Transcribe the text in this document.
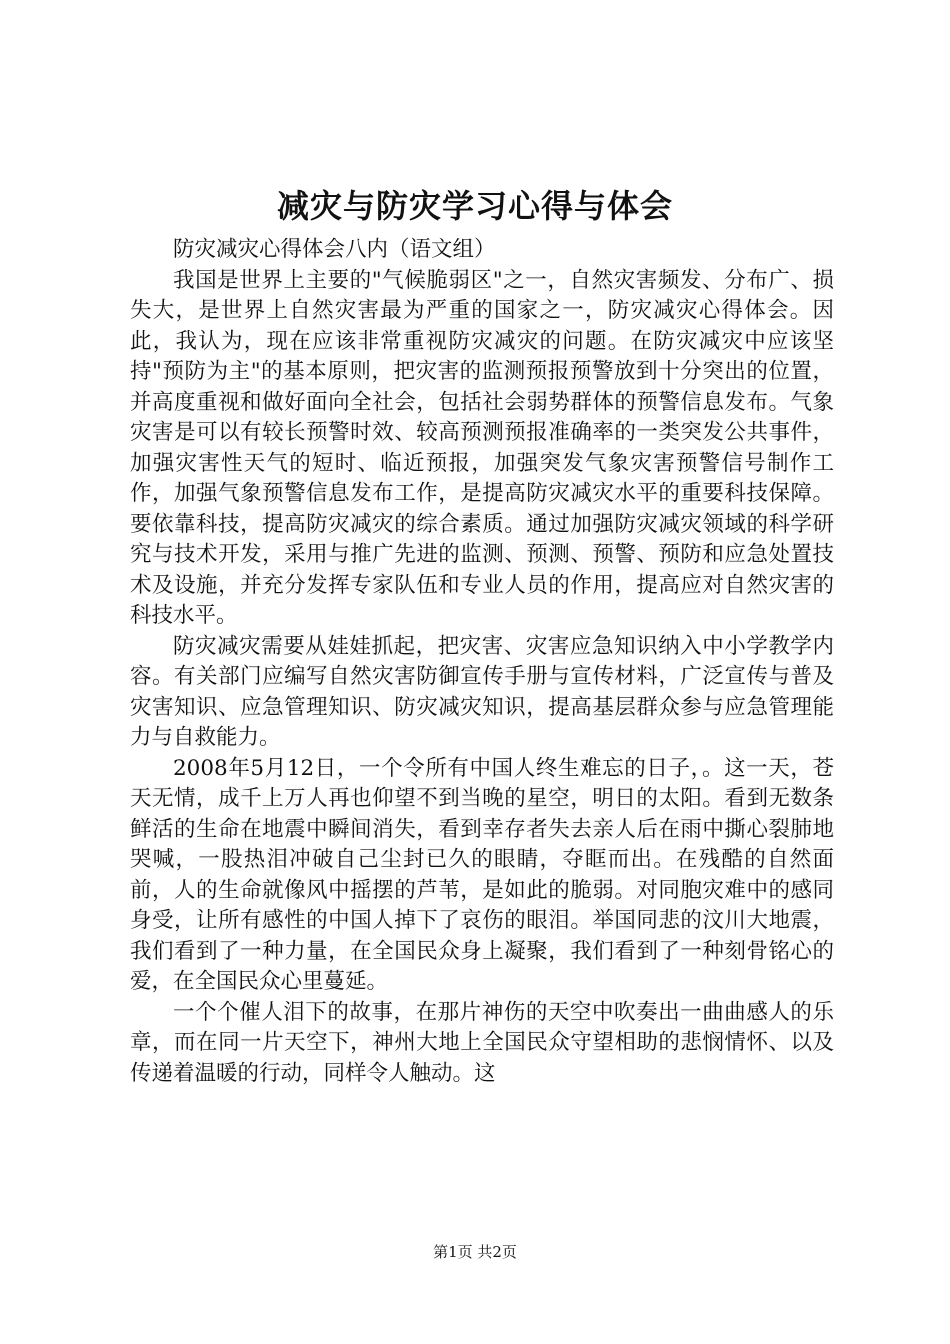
减灾与防灾学习心得与体会

防灾减灾心得体会八内（语文组）

我国是世界上主要的"气候脆弱区"之一，自然灾害频发、分布广、损失大，是世界上自然灾害最为严重的国家之一，防灾减灾心得体会。因此，我认为，现在应该非常重视防灾减灾的问题。在防灾减灾中应该坚持"预防为主"的基本原则，把灾害的监测预报预警放到十分突出的位置，并高度重视和做好面向全社会，包括社会弱势群体的预警信息发布。气象灾害是可以有较长预警时效、较高预测预报准确率的一类突发公共事件，加强灾害性天气的短时、临近预报，加强突发气象灾害预警信号制作工作，加强气象预警信息发布工作，是提高防灾减灾水平的重要科技保障。要依靠科技，提高防灾减灾的综合素质。通过加强防灾减灾领域的科学研究与技术开发，采用与推广先进的监测、预测、预警、预防和应急处置技术及设施，并充分发挥专家队伍和专业人员的作用，提高应对自然灾害的科技水平。

防灾减灾需要从娃娃抓起，把灾害、灾害应急知识纳入中小学教学内容。有关部门应编写自然灾害防御宣传手册与宣传材料，广泛宣传与普及灾害知识、应急管理知识、防灾减灾知识，提高基层群众参与应急管理能力与自救能力。

2008年5月12日，一个令所有中国人终生难忘的日子，。这一天，苍天无情，成千上万人再也仰望不到当晚的星空，明日的太阳。看到无数条鲜活的生命在地震中瞬间消失，看到幸存者失去亲人后在雨中撕心裂肺地哭喊，一股热泪冲破自己尘封已久的眼睛，夺眶而出。在残酷的自然面前，人的生命就像风中摇摆的芦苇，是如此的脆弱。对同胞灾难中的感同身受，让所有感性的中国人掉下了哀伤的眼泪。举国同悲的汶川大地震，我们看到了一种力量，在全国民众身上凝聚，我们看到了一种刻骨铭心的爱，在全国民众心里蔓延。

一个个催人泪下的故事，在那片神伤的天空中吹奏出一曲曲感人的乐章，而在同一片天空下，神州大地上全国民众守望相助的悲悯情怀、以及传递着温暖的行动，同样令人触动。这

第1页 共2页
